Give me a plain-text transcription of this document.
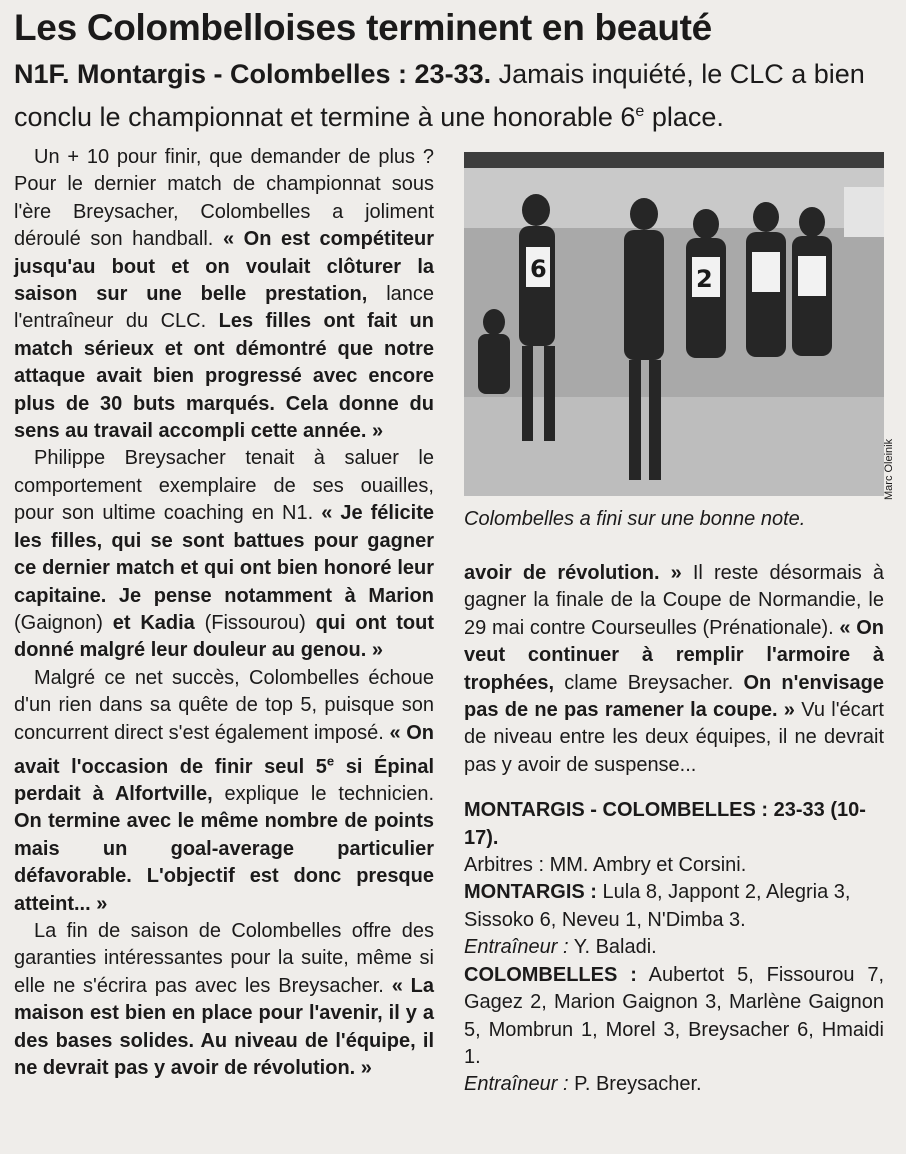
Les Colombelloises terminent en beauté
N1F. Montargis - Colombelles : 23-33. Jamais inquiété, le CLC a bien conclu le championnat et termine à une honorable 6e place.

Un + 10 pour finir, que demander de plus ? Pour le dernier match de championnat sous l'ère Breysacher, Colombelles a joliment déroulé son handball. « On est compétiteur jusqu'au bout et on voulait clôturer la saison sur une belle prestation, lance l'entraîneur du CLC. Les filles ont fait un match sérieux et ont démontré que notre attaque avait bien progressé avec encore plus de 30 buts marqués. Cela donne du sens au travail accompli cette année. »

Philippe Breysacher tenait à saluer le comportement exemplaire de ses ouailles, pour son ultime coaching en N1. « Je félicite les filles, qui se sont battues pour gagner ce dernier match et qui ont bien honoré leur capitaine. Je pense notamment à Marion (Gaignon) et Kadia (Fissourou) qui ont tout donné malgré leur douleur au genou. »

Malgré ce net succès, Colombelles échoue d'un rien dans sa quête de top 5, puisque son concurrent direct s'est également imposé. « On avait l'occasion de finir seul 5e si Épinal perdait à Alfortville, explique le technicien. On termine avec le même nombre de points mais un goal-average particulier défavorable. L'objectif est donc presque atteint... »

La fin de saison de Colombelles offre des garanties intéressantes pour la suite, même si elle ne s'écrira pas avec les Breysacher. « La maison est bien en place pour l'avenir, il y a des bases solides. Au niveau de l'équipe, il ne devrait pas y avoir de révolution. »

6	2
Marc Oleinik
Colombelles a fini sur une bonne note.

avoir de révolution. » Il reste désormais à gagner la finale de la Coupe de Normandie, le 29 mai contre Courseulles (Prénationale). « On veut continuer à remplir l'armoire à trophées, clame Breysacher. On n'envisage pas de ne pas ramener la coupe. » Vu l'écart de niveau entre les deux équipes, il ne devrait pas y avoir de suspense...

MONTARGIS - COLOMBELLES : 23-33 (10-17).

Arbitres : MM. Ambry et Corsini.

MONTARGIS : Lula 8, Jappont 2, Alegria 3, Sissoko 6, Neveu 1, N'Dimba 3.

Entraîneur : Y. Baladi.

COLOMBELLES : Aubertot 5, Fissourou 7, Gagez 2, Marion Gaignon 3, Marlène Gaignon 5, Mombrun 1, Morel 3, Breysacher 6, Hmaidi 1.

Entraîneur : P. Breysacher.
